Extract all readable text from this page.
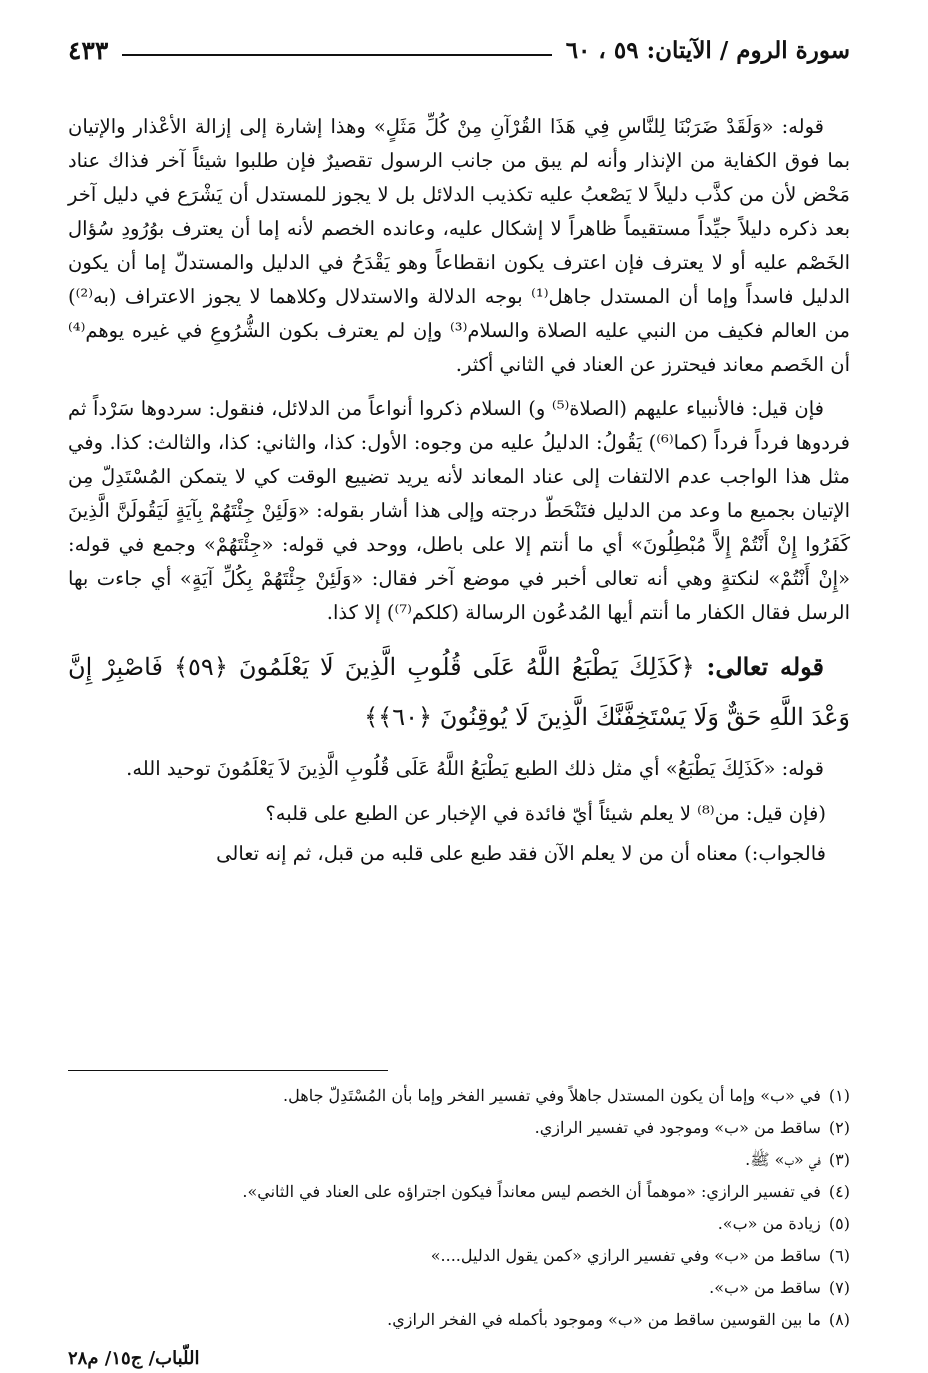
سورة الروم / الآيتان: ٥٩ ، ٦٠
٤٣٣

قوله: «وَلَقَدْ ضَرَبْنَا لِلنَّاسِ فِي هَذَا القُرْآنِ مِنْ كُلِّ مَثَلٍ» وهذا إشارة إلى إزالة الأعْذار والإتيان بما فوق الكفاية من الإنذار وأنه لم يبق من جانب الرسول تقصيرٌ فإن طلبوا شيئاً آخر فذاك عناد مَحْض لأن من كذَّب دليلاً لا يَصْعبُ عليه تكذيب الدلائل بل لا يجوز للمستدل أن يَشْرَع في دليل آخر بعد ذكره دليلاً جيِّداً مستقيماً ظاهراً لا إشكال عليه، وعانده الخصم لأنه إما أن يعترف بوُرُودِ سُؤال الخَصْم عليه أو لا يعترف فإن اعترف يكون انقطاعاً وهو يَقْدَحُ في الدليل والمستدلّ إما أن يكون الدليل فاسداً وإما أن المستدل جاهل⁽¹⁾ بوجه الدلالة والاستدلال وكلاهما لا يجوز الاعتراف (به⁽²⁾) من العالم فكيف من النبي عليه الصلاة والسلام⁽³⁾ وإن لم يعترف بكون الشُّرُوعِ في غيره يوهم⁽⁴⁾ أن الخَصم معاند فيحترز عن العناد في الثاني أكثر.

فإن قيل: فالأنبياء عليهم (الصلاة⁽⁵⁾ و) السلام ذكروا أنواعاً من الدلائل، فنقول: سردوها سَرْداً ثم فردوها فرداً فرداً (كما⁽⁶⁾) يَقُولُ: الدليلُ عليه من وجوه: الأول: كذا، والثاني: كذا، والثالث: كذا. وفي مثل هذا الواجب عدم الالتفات إلى عناد المعاند لأنه يريد تضييع الوقت كي لا يتمكن المُسْتَدِلّ مِن الإتيان بجميع ما وعد من الدليل فتَنْحَطّ درجته وإلى هذا أشار بقوله: «وَلَئِنْ جِئْتَهُمْ بِآيَةٍ لَيَقُولَنَّ الَّذِينَ كَفَرُوا إِنْ أَنْتُمْ إِلاَّ مُبْطِلُونَ» أي ما أنتم إلا على باطل، ووحد في قوله: «جِئْتَهُمْ» وجمع في قوله: «إِنْ أَنْتُمْ» لنكتةٍ وهي أنه تعالى أخبر في موضع آخر فقال: «وَلَئِنْ جِئْتَهُمْ بِكُلِّ آيَةٍ» أي جاءت بها الرسل فقال الكفار ما أنتم أيها المُدعُون الرسالة (كلكم⁽⁷⁾) إلا كذا.

قوله تعالى: ﴿كَذَلِكَ يَطْبَعُ اللَّهُ عَلَى قُلُوبِ الَّذِينَ لَا يَعْلَمُونَ ﴿٥٩﴾ فَاصْبِرْ إِنَّ وَعْدَ اللَّهِ حَقٌّ وَلَا يَسْتَخِفَّنَّكَ الَّذِينَ لَا يُوقِنُونَ ﴿٦٠﴾﴾

قوله: «كَذَلِكَ يَطْبَعُ» أي مثل ذلك الطبع يَطْبَعُ اللَّهُ عَلَى قُلُوبِ الَّذِينَ لاَ يَعْلَمُونَ توحيد الله.

(فإن قيل: من⁽⁸⁾ لا يعلم شيئاً أيّ فائدة في الإخبار عن الطبع على قلبه؟

فالجواب:) معناه أن من لا يعلم الآن فقد طبع على قلبه من قبل، ثم إنه تعالى

(١)
في «ب» وإما أن يكون المستدل جاهلاً وفي تفسير الفخر وإما بأن المُسْتَدِلّ جاهل.
(٢)
ساقط من «ب» وموجود في تفسير الرازي.
(٣)
في «ب» ﷺ.
(٤)
في تفسير الرازي: «موهماً أن الخصم ليس معانداً فيكون اجتراؤه على العناد في الثاني».
(٥)
زيادة من «ب».
(٦)
ساقط من «ب» وفي تفسير الرازي «كمن يقول الدليل....»
(٧)
ساقط من «ب».
(٨)
ما بين القوسين ساقط من «ب» وموجود بأكمله في الفخر الرازي.
اللّباب/ ج١٥/ م٢٨
